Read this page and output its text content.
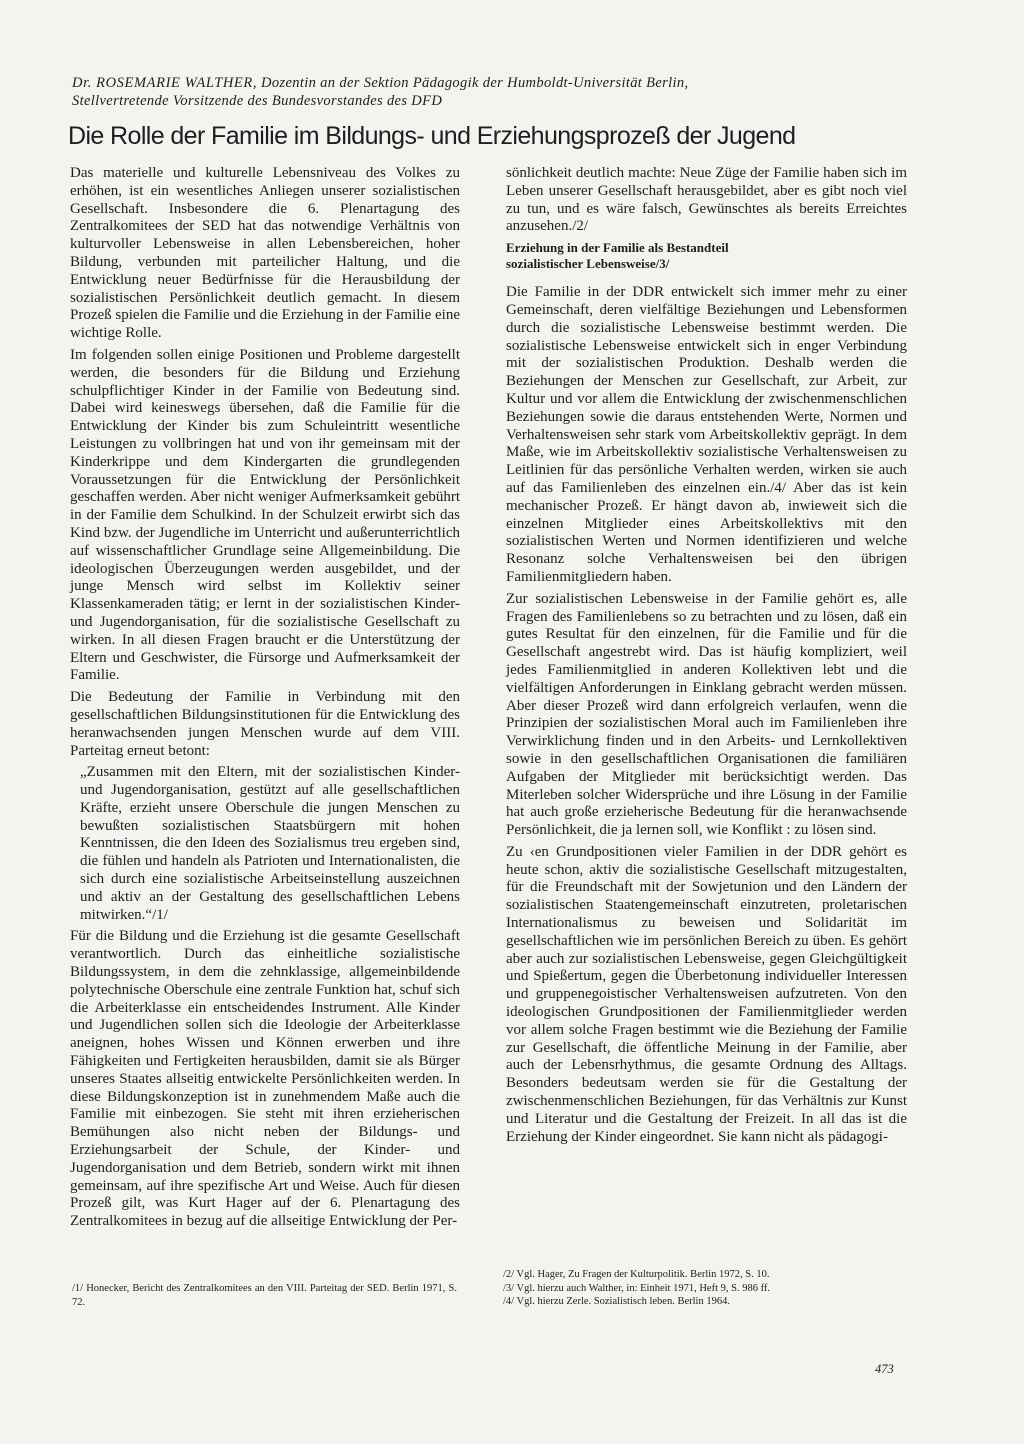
Dr. ROSEMARIE WALTHER, Dozentin an der Sektion Pädagogik der Humboldt-Universität Berlin,
Stellvertretende Vorsitzende des Bundesvorstandes des DFD

Die Rolle der Familie im Bildungs- und Erziehungsprozeß der Jugend

Das materielle und kulturelle Lebensniveau des Volkes zu erhöhen, ist ein wesentliches Anliegen unserer sozialistischen Gesellschaft. Insbesondere die 6. Plenartagung des Zentralkomitees der SED hat das notwendige Verhältnis von kulturvoller Lebensweise in allen Lebensbereichen, hoher Bildung, verbunden mit parteilicher Haltung, und die Entwicklung neuer Bedürfnisse für die Herausbildung der sozialistischen Persönlichkeit deutlich gemacht. In diesem Prozeß spielen die Familie und die Erziehung in der Familie eine wichtige Rolle.

Im folgenden sollen einige Positionen und Probleme dargestellt werden, die besonders für die Bildung und Erziehung schulpflichtiger Kinder in der Familie von Bedeutung sind. Dabei wird keineswegs übersehen, daß die Familie für die Entwicklung der Kinder bis zum Schuleintritt wesentliche Leistungen zu vollbringen hat und von ihr gemeinsam mit der Kinderkrippe und dem Kindergarten die grundlegenden Voraussetzungen für die Entwicklung der Persönlichkeit geschaffen werden. Aber nicht weniger Aufmerksamkeit gebührt in der Familie dem Schulkind. In der Schulzeit erwirbt sich das Kind bzw. der Jugendliche im Unterricht und außerunterrichtlich auf wissenschaftlicher Grundlage seine Allgemeinbildung. Die ideologischen Überzeugungen werden ausgebildet, und der junge Mensch wird selbst im Kollektiv seiner Klassenkameraden tätig; er lernt in der sozialistischen Kinder- und Jugendorganisation, für die sozialistische Gesellschaft zu wirken. In all diesen Fragen braucht er die Unterstützung der Eltern und Geschwister, die Fürsorge und Aufmerksamkeit der Familie.

Die Bedeutung der Familie in Verbindung mit den gesellschaftlichen Bildungsinstitutionen für die Entwicklung des heranwachsenden jungen Menschen wurde auf dem VIII. Parteitag erneut betont:

„Zusammen mit den Eltern, mit der sozialistischen Kinder- und Jugendorganisation, gestützt auf alle gesellschaftlichen Kräfte, erzieht unsere Oberschule die jungen Menschen zu bewußten sozialistischen Staatsbürgern mit hohen Kenntnissen, die den Ideen des Sozialismus treu ergeben sind, die fühlen und handeln als Patrioten und Internationalisten, die sich durch eine sozialistische Arbeitseinstellung auszeichnen und aktiv an der Gestaltung des gesellschaftlichen Lebens mitwirken.“/1/

Für die Bildung und die Erziehung ist die gesamte Gesellschaft verantwortlich. Durch das einheitliche sozialistische Bildungssystem, in dem die zehnklassige, allgemeinbildende polytechnische Oberschule eine zentrale Funktion hat, schuf sich die Arbeiterklasse ein entscheidendes Instrument. Alle Kinder und Jugendlichen sollen sich die Ideologie der Arbeiterklasse aneignen, hohes Wissen und Können erwerben und ihre Fähigkeiten und Fertigkeiten herausbilden, damit sie als Bürger unseres Staates allseitig entwickelte Persönlichkeiten werden. In diese Bildungskonzeption ist in zunehmendem Maße auch die Familie mit einbezogen. Sie steht mit ihren erzieherischen Bemühungen also nicht neben der Bildungs- und Erziehungsarbeit der Schule, der Kinder- und Jugendorganisation und dem Betrieb, sondern wirkt mit ihnen gemeinsam, auf ihre spezifische Art und Weise. Auch für diesen Prozeß gilt, was Kurt Hager auf der 6. Plenartagung des Zentralkomitees in bezug auf die allseitige Entwicklung der Per-

sönlichkeit deutlich machte: Neue Züge der Familie haben sich im Leben unserer Gesellschaft herausgebildet, aber es gibt noch viel zu tun, und es wäre falsch, Gewünschtes als bereits Erreichtes anzusehen./2/

Erziehung in der Familie als Bestandteil
sozialistischer Lebensweise/3/

Die Familie in der DDR entwickelt sich immer mehr zu einer Gemeinschaft, deren vielfältige Beziehungen und Lebensformen durch die sozialistische Lebensweise bestimmt werden. Die sozialistische Lebensweise entwickelt sich in enger Verbindung mit der sozialistischen Produktion. Deshalb werden die Beziehungen der Menschen zur Gesellschaft, zur Arbeit, zur Kultur und vor allem die Entwicklung der zwischenmenschlichen Beziehungen sowie die daraus entstehenden Werte, Normen und Verhaltensweisen sehr stark vom Arbeitskollektiv geprägt. In dem Maße, wie im Arbeitskollektiv sozialistische Verhaltensweisen zu Leitlinien für das persönliche Verhalten werden, wirken sie auch auf das Familienleben des einzelnen ein./4/ Aber das ist kein mechanischer Prozeß. Er hängt davon ab, inwieweit sich die einzelnen Mitglieder eines Arbeitskollektivs mit den sozialistischen Werten und Normen identifizieren und welche Resonanz solche Verhaltensweisen bei den übrigen Familienmitgliedern haben.

Zur sozialistischen Lebensweise in der Familie gehört es, alle Fragen des Familienlebens so zu betrachten und zu lösen, daß ein gutes Resultat für den einzelnen, für die Familie und für die Gesellschaft angestrebt wird. Das ist häufig kompliziert, weil jedes Familienmitglied in anderen Kollektiven lebt und die vielfältigen Anforderungen in Einklang gebracht werden müssen. Aber dieser Prozeß wird dann erfolgreich verlaufen, wenn die Prinzipien der sozialistischen Moral auch im Familienleben ihre Verwirklichung finden und in den Arbeits- und Lernkollektiven sowie in den gesellschaftlichen Organisationen die familiären Aufgaben der Mitglieder mit berücksichtigt werden. Das Miterleben solcher Widersprüche und ihre Lösung in der Familie hat auch große erzieherische Bedeutung für die heranwachsende Persönlichkeit, die ja lernen soll, wie Konflikt : zu lösen sind.

Zu ‹en Grundpositionen vieler Familien in der DDR gehört es heute schon, aktiv die sozialistische Gesellschaft mitzugestalten, für die Freundschaft mit der Sowjetunion und den Ländern der sozialistischen Staatengemeinschaft einzutreten, proletarischen Internationalismus zu beweisen und Solidarität im gesellschaftlichen wie im persönlichen Bereich zu üben. Es gehört aber auch zur sozialistischen Lebensweise, gegen Gleichgültigkeit und Spießertum, gegen die Überbetonung individueller Interessen und gruppenegoistischer Verhaltensweisen aufzutreten. Von den ideologischen Grundpositionen der Familienmitglieder werden vor allem solche Fragen bestimmt wie die Beziehung der Familie zur Gesellschaft, die öffentliche Meinung in der Familie, aber auch der Lebensrhythmus, die gesamte Ordnung des Alltags. Besonders bedeutsam werden sie für die Gestaltung der zwischenmenschlichen Beziehungen, für das Verhältnis zur Kunst und Literatur und die Gestaltung der Freizeit. In all das ist die Erziehung der Kinder eingeordnet. Sie kann nicht als pädagogi-

/1/ Honecker, Bericht des Zentralkomitees an den VIII. Parteitag der SED. Berlin 1971, S. 72.

/2/ Vgl. Hager, Zu Fragen der Kulturpolitik. Berlin 1972, S. 10.

/3/ Vgl. hierzu auch Walther, in: Einheit 1971, Heft 9, S. 986 ff.

/4/ Vgl. hierzu Zerle. Sozialistisch leben. Berlin 1964.

473
